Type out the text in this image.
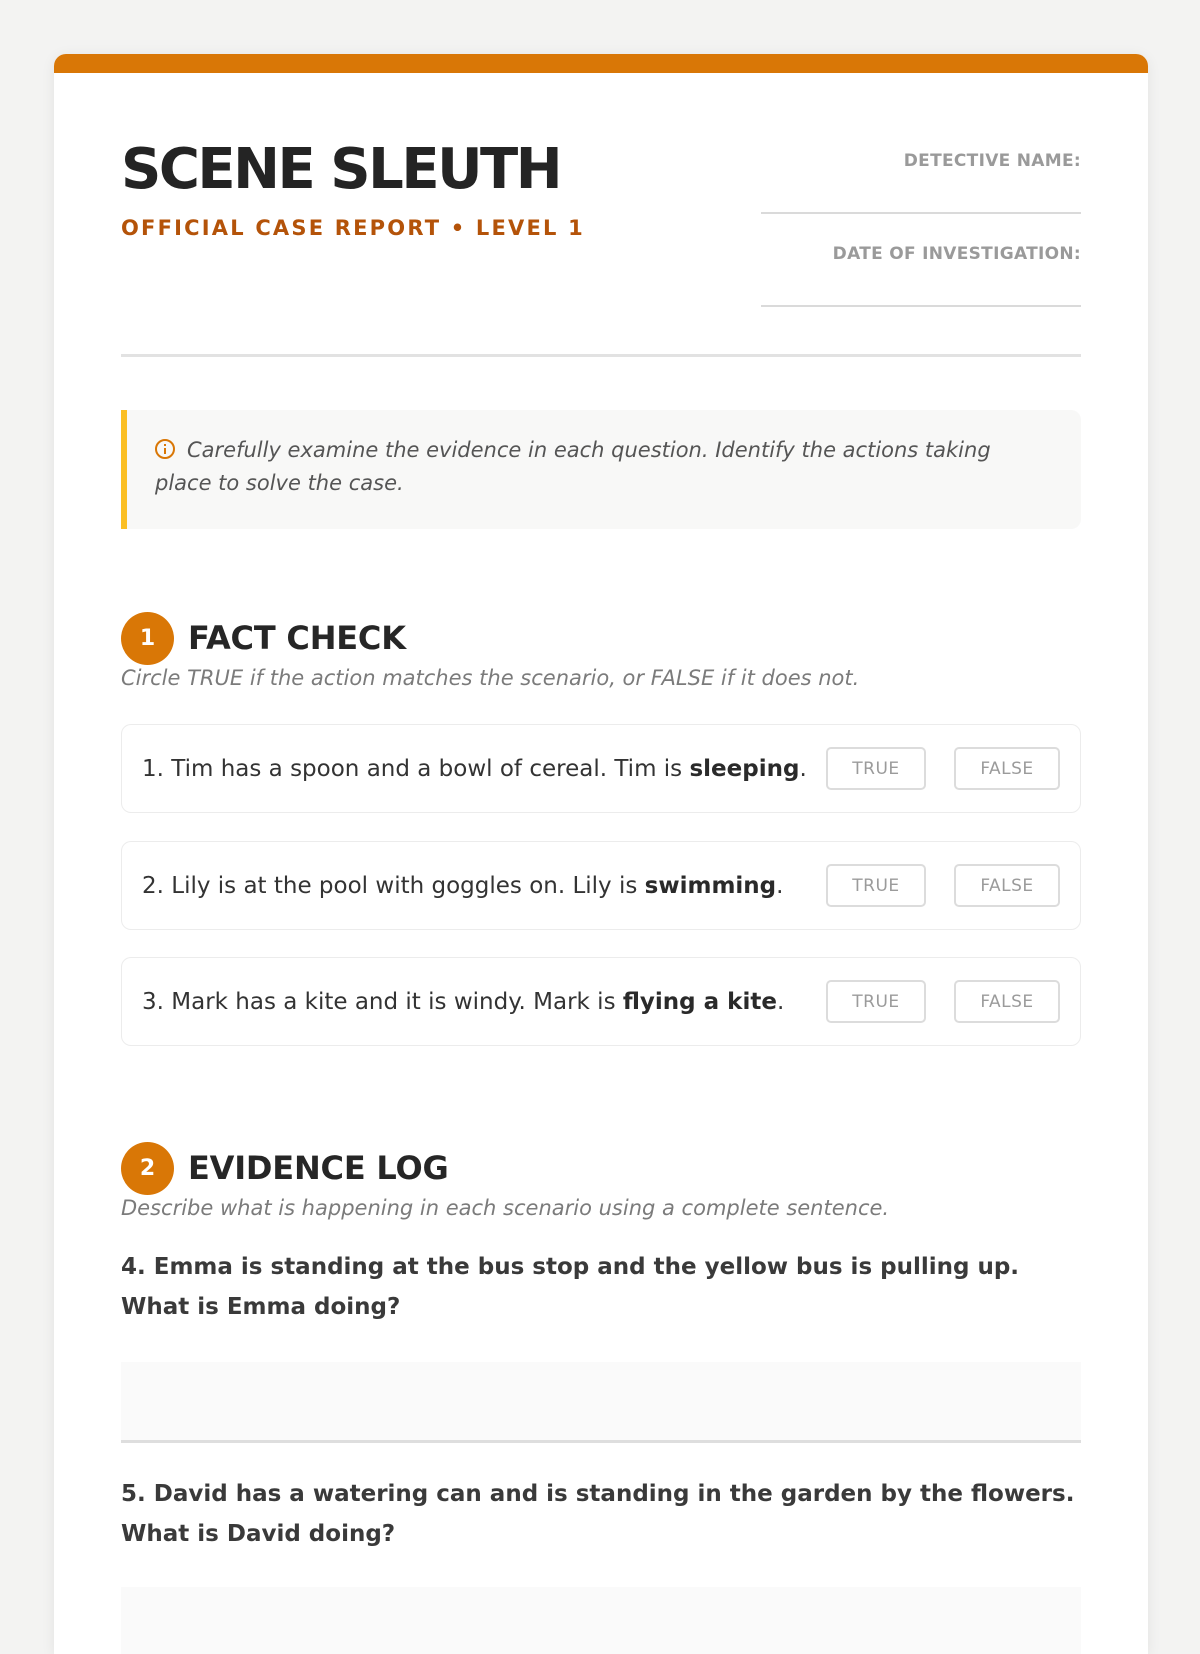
SCENE SLEUTH
OFFICIAL CASE REPORT • LEVEL 1
DETECTIVE NAME:
DATE OF INVESTIGATION:
Carefully examine the evidence in each question. Identify the actions taking place to solve the case.
1	FACT CHECK
Circle TRUE if the action matches the scenario, or FALSE if it does not.
1. Tim has a spoon and a bowl of cereal. Tim is sleeping.	TRUE	FALSE
2. Lily is at the pool with goggles on. Lily is swimming.	TRUE	FALSE
3. Mark has a kite and it is windy. Mark is flying a kite.	TRUE	FALSE
2	EVIDENCE LOG
Describe what is happening in each scenario using a complete sentence.

4. Emma is standing at the bus stop and the yellow bus is pulling up. What is Emma doing?

5. David has a watering can and is standing in the garden by the flowers. What is David doing?
